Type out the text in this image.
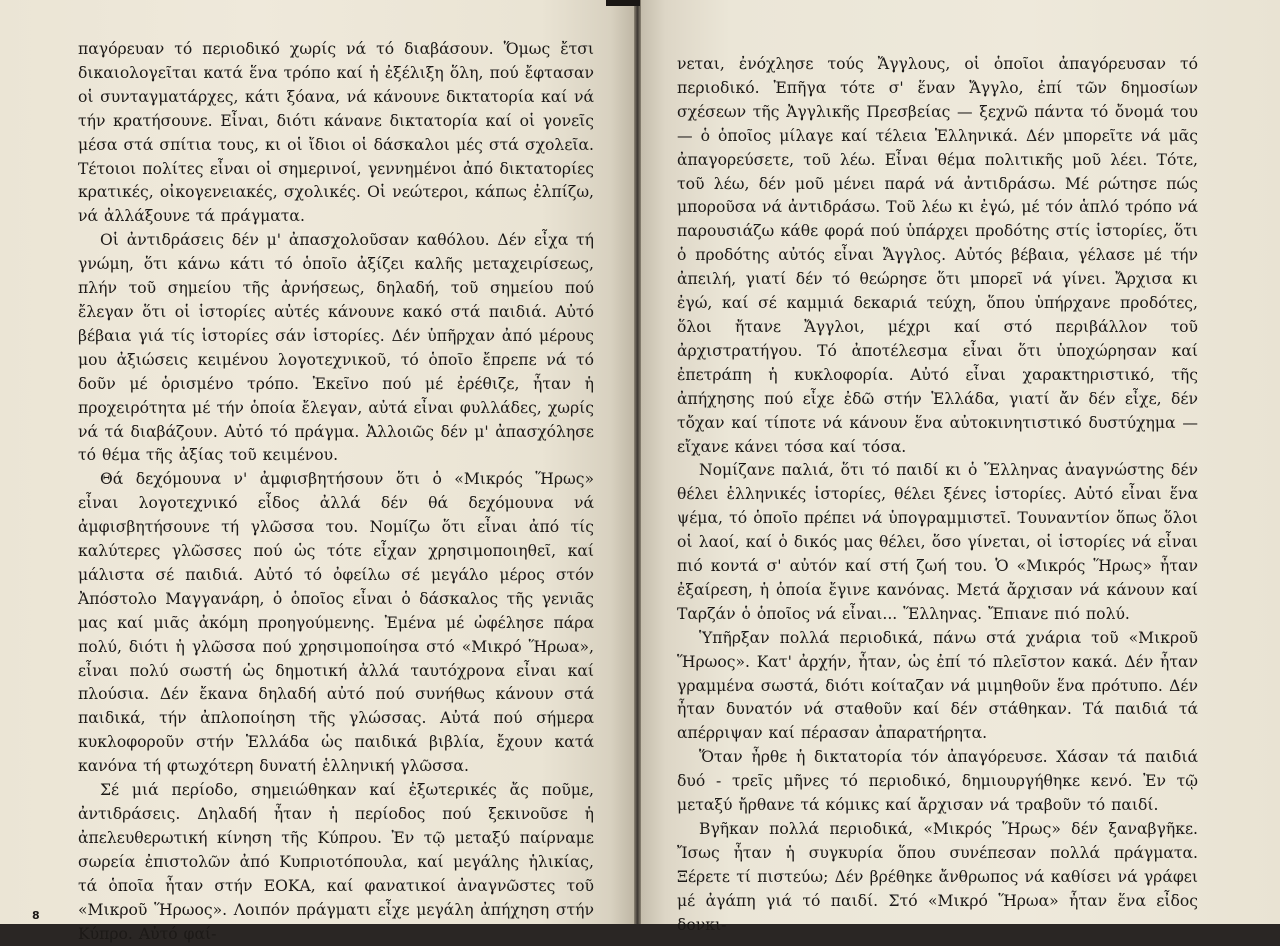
παγόρευαν τό περιοδικό χωρίς νά τό διαβάσουν. Ὅμως ἔτσι δικαιολογεῖται κατά ἕνα τρόπο καί ἡ ἐξέλιξη ὅλη, πού ἔφτασαν οἱ συνταγματάρχες, κάτι ξόανα, νά κάνουνε δικτατορία καί νά τήν κρατήσουνε. Εἶναι, διότι κάνανε δικτατορία καί οἱ γονεῖς μέσα στά σπίτια τους, κι οἱ ἴδιοι οἱ δάσκαλοι μές στά σχολεῖα. Τέτοιοι πολίτες εἶναι οἱ σημερινοί, γεννημένοι ἀπό δικτατορίες κρατικές, οἰκογενειακές, σχολικές. Οἱ νεώτεροι, κάπως ἐλπίζω, νά ἀλλάξουνε τά πράγματα.

Οἱ ἀντιδράσεις δέν μ' ἀπασχολοῦσαν καθόλου. Δέν εἶχα τή γνώμη, ὅτι κάνω κάτι τό ὁποῖο ἀξίζει καλῆς μεταχειρίσεως, πλήν τοῦ σημείου τῆς ἀρνήσεως, δηλαδή, τοῦ σημείου πού ἔλεγαν ὅτι οἱ ἱστορίες αὐτές κάνουνε κακό στά παιδιά. Αὐτό βέβαια γιά τίς ἱστορίες σάν ἱστορίες. Δέν ὑπῆρχαν ἀπό μέρους μου ἀξιώσεις κειμένου λογοτεχνικοῦ, τό ὁποῖο ἔπρεπε νά τό δοῦν μέ ὁρισμένο τρόπο. Ἐκεῖνο πού μέ ἐρέθιζε, ἦταν ἡ προχειρότητα μέ τήν ὁποία ἔλεγαν, αὐτά εἶναι φυλλάδες, χωρίς νά τά διαβάζουν. Αὐτό τό πράγμα. Ἀλλοιῶς δέν μ' ἀπασχόλησε τό θέμα τῆς ἀξίας τοῦ κειμένου.

Θά δεχόμουνα ν' ἀμφισβητήσουν ὅτι ὁ «Μικρός Ἥρως» εἶναι λογοτεχνικό εἶδος ἀλλά δέν θά δεχόμουνα νά ἀμφισβητήσουνε τή γλῶσσα του. Νομίζω ὅτι εἶναι ἀπό τίς καλύτερες γλῶσσες πού ὡς τότε εἶχαν χρησιμοποιηθεῖ, καί μάλιστα σέ παιδιά. Αὐτό τό ὀφείλω σέ μεγάλο μέρος στόν Ἀπόστολο Μαγγανάρη, ὁ ὁποῖος εἶναι ὁ δάσκαλος τῆς γενιᾶς μας καί μιᾶς ἀκόμη προηγούμενης. Ἐμένα μέ ὠφέλησε πάρα πολύ, διότι ἡ γλῶσσα πού χρησιμοποίησα στό «Μικρό Ἥρωα», εἶναι πολύ σωστή ὡς δημοτική ἀλλά ταυτόχρονα εἶναι καί πλούσια. Δέν ἔκανα δηλαδή αὐτό πού συνήθως κάνουν στά παιδικά, τήν ἀπλοποίηση τῆς γλώσσας. Αὐτά πού σήμερα κυκλοφοροῦν στήν Ἑλλάδα ὡς παιδικά βιβλία, ἔχουν κατά κανόνα τή φτωχότερη δυνατή ἑλληνική γλῶσσα.

Σέ μιά περίοδο, σημειώθηκαν καί ἐξωτερικές ἄς ποῦμε, ἀντιδράσεις. Δηλαδή ἦταν ἡ περίοδος πού ξεκινοῦσε ἡ ἀπελευθερωτική κίνηση τῆς Κύπρου. Ἐν τῷ μεταξύ παίρναμε σωρεία ἐπιστολῶν ἀπό Κυπριοτόπουλα, καί μεγάλης ἡλικίας, τά ὁποῖα ἦταν στήν ΕΟΚΑ, καί φανατικοί ἀναγνῶστες τοῦ «Μικροῦ Ἥρωος». Λοιπόν πράγματι εἶχε μεγάλη ἀπήχηση στήν Κύπρο. Αὐτό φαί-

8

νεται, ἐνόχλησε τούς Ἄγγλους, οἱ ὁποῖοι ἀπαγόρευσαν τό περιοδικό. Ἐπῆγα τότε σ' ἕναν Ἄγγλο, ἐπί τῶν δημοσίων σχέσεων τῆς Ἀγγλικῆς Πρεσβείας — ξεχνῶ πάντα τό ὄνομά του — ὁ ὁποῖος μίλαγε καί τέλεια Ἑλληνικά. Δέν μπορεῖτε νά μᾶς ἀπαγορεύσετε, τοῦ λέω. Εἶναι θέμα πολιτικῆς μοῦ λέει. Τότε, τοῦ λέω, δέν μοῦ μένει παρά νά ἀντιδράσω. Μέ ρώτησε πώς μποροῦσα νά ἀντιδράσω. Τοῦ λέω κι ἐγώ, μέ τόν ἁπλό τρόπο νά παρουσιάζω κάθε φορά πού ὑπάρχει προδότης στίς ἱστορίες, ὅτι ὁ προδότης αὐτός εἶναι Ἄγγλος. Αὐτός βέβαια, γέλασε μέ τήν ἀπειλή, γιατί δέν τό θεώρησε ὅτι μπορεῖ νά γίνει. Ἄρχισα κι ἐγώ, καί σέ καμμιά δεκαριά τεύχη, ὅπου ὑπήρχανε προδότες, ὅλοι ἤτανε Ἄγγλοι, μέχρι καί στό περιβάλλον τοῦ ἀρχιστρατήγου. Τό ἀποτέλεσμα εἶναι ὅτι ὑποχώρησαν καί ἐπετράπη ἡ κυκλοφορία. Αὐτό εἶναι χαρακτηριστικό, τῆς ἀπήχησης πού εἶχε ἐδῶ στήν Ἑλλάδα, γιατί ἄν δέν εἶχε, δέν τὄχαν καί τίποτε νά κάνουν ἕνα αὐτοκινητιστικό δυστύχημα — εἴχανε κάνει τόσα καί τόσα.

Νομίζανε παλιά, ὅτι τό παιδί κι ὁ Ἕλληνας ἀναγνώστης δέν θέλει ἑλληνικές ἱστορίες, θέλει ξένες ἱστορίες. Αὐτό εἶναι ἕνα ψέμα, τό ὁποῖο πρέπει νά ὑπογραμμιστεῖ. Τουναντίον ὅπως ὅλοι οἱ λαοί, καί ὁ δικός μας θέλει, ὅσο γίνεται, οἱ ἱστορίες νά εἶναι πιό κοντά σ' αὐτόν καί στή ζωή του. Ὁ «Μικρός Ἥρως» ἦταν ἐξαίρεση, ἡ ὁποία ἔγινε κανόνας. Μετά ἄρχισαν νά κάνουν καί Ταρζάν ὁ ὁποῖος νά εἶναι... Ἕλληνας. Ἔπιανε πιό πολύ.

Ὑπῆρξαν πολλά περιοδικά, πάνω στά χνάρια τοῦ «Μικροῦ Ἥρωος». Κατ' ἀρχήν, ἦταν, ὡς ἐπί τό πλεῖστον κακά. Δέν ἦταν γραμμένα σωστά, διότι κοίταζαν νά μιμηθοῦν ἕνα πρότυπο. Δέν ἦταν δυνατόν νά σταθοῦν καί δέν στάθηκαν. Τά παιδιά τά απέρριψαν καί πέρασαν ἀπαρατήρητα.

Ὅταν ἦρθε ἡ δικτατορία τόν ἀπαγόρευσε. Χάσαν τά παιδιά δυό - τρεῖς μῆνες τό περιοδικό, δημιουργήθηκε κενό. Ἐν τῷ μεταξύ ἤρθανε τά κόμικς καί ἄρχισαν νά τραβοῦν τό παιδί.

Βγῆκαν πολλά περιοδικά, «Μικρός Ἥρως» δέν ξαναβγῆκε. Ἴσως ἦταν ἡ συγκυρία ὅπου συνέπεσαν πολλά πράγματα. Ξέρετε τί πιστεύω; Δέν βρέθηκε ἄνθρωπος νά καθίσει νά γράφει μέ ἀγάπη γιά τό παιδί. Στό «Μικρό Ἥρωα» ἦταν ἕνα εἶδος δονκι-
